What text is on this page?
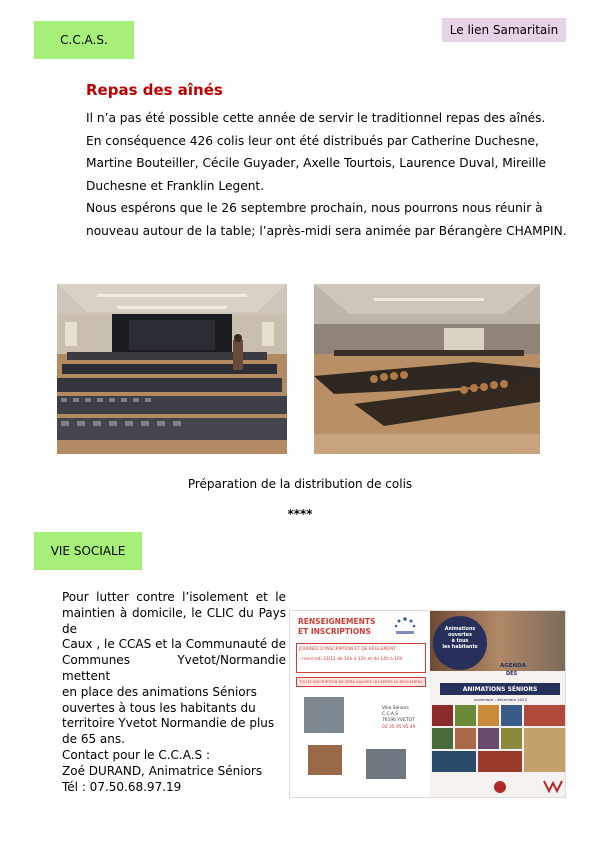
C.C.A.S.
Le lien Samaritain
Repas des aînés
Il n’a pas été possible cette année de servir le traditionnel repas des aînés.
En conséquence 426 colis leur ont été distribués par Catherine Duchesne,
Martine Bouteiller, Cécile Guyader, Axelle Tourtois, Laurence Duval, Mireille
Duchesne et Franklin Legent.
Nous espérons que le 26 septembre prochain, nous pourrons nous réunir à
nouveau autour de la table; l’après-midi sera animée par Bérangère CHAMPIN.
Préparation de la distribution de colis
****
VIE SOCIALE
Pour lutter contre l’isolement et le
maintien à domicile, le CLIC du Pays de
Caux , le CCAS et la Communauté de
Communes Yvetot/Normandie mettent
en place des animations Séniors
ouvertes à tous les habitants du
territoire Yvetot Normandie de plus
de 65 ans.
Contact pour le C.C.A.S :
Zoé DURAND, Animatrice Séniors
Tél : 07.50.68.97.19
RENSEIGNEMENTS
ET INSCRIPTIONS
JOURNÉE D’INSCRIPTION ET DE RÈGLEMENT :
› mercredi 23/12 de 10h à 12h et de 14h à 16h
TOUTE INSCRIPTION NE SERA VALIDÉE QU’APRÈS LE RÈGLEMENT.
Villa Séniors
C.C.A.S
76190 YVETOT
02 35 95 95 49
Animations
ouvertes
à tous
les habitants
AGENDA
DES
ANIMATIONS SÉNIORS
novembre - décembre 2020
